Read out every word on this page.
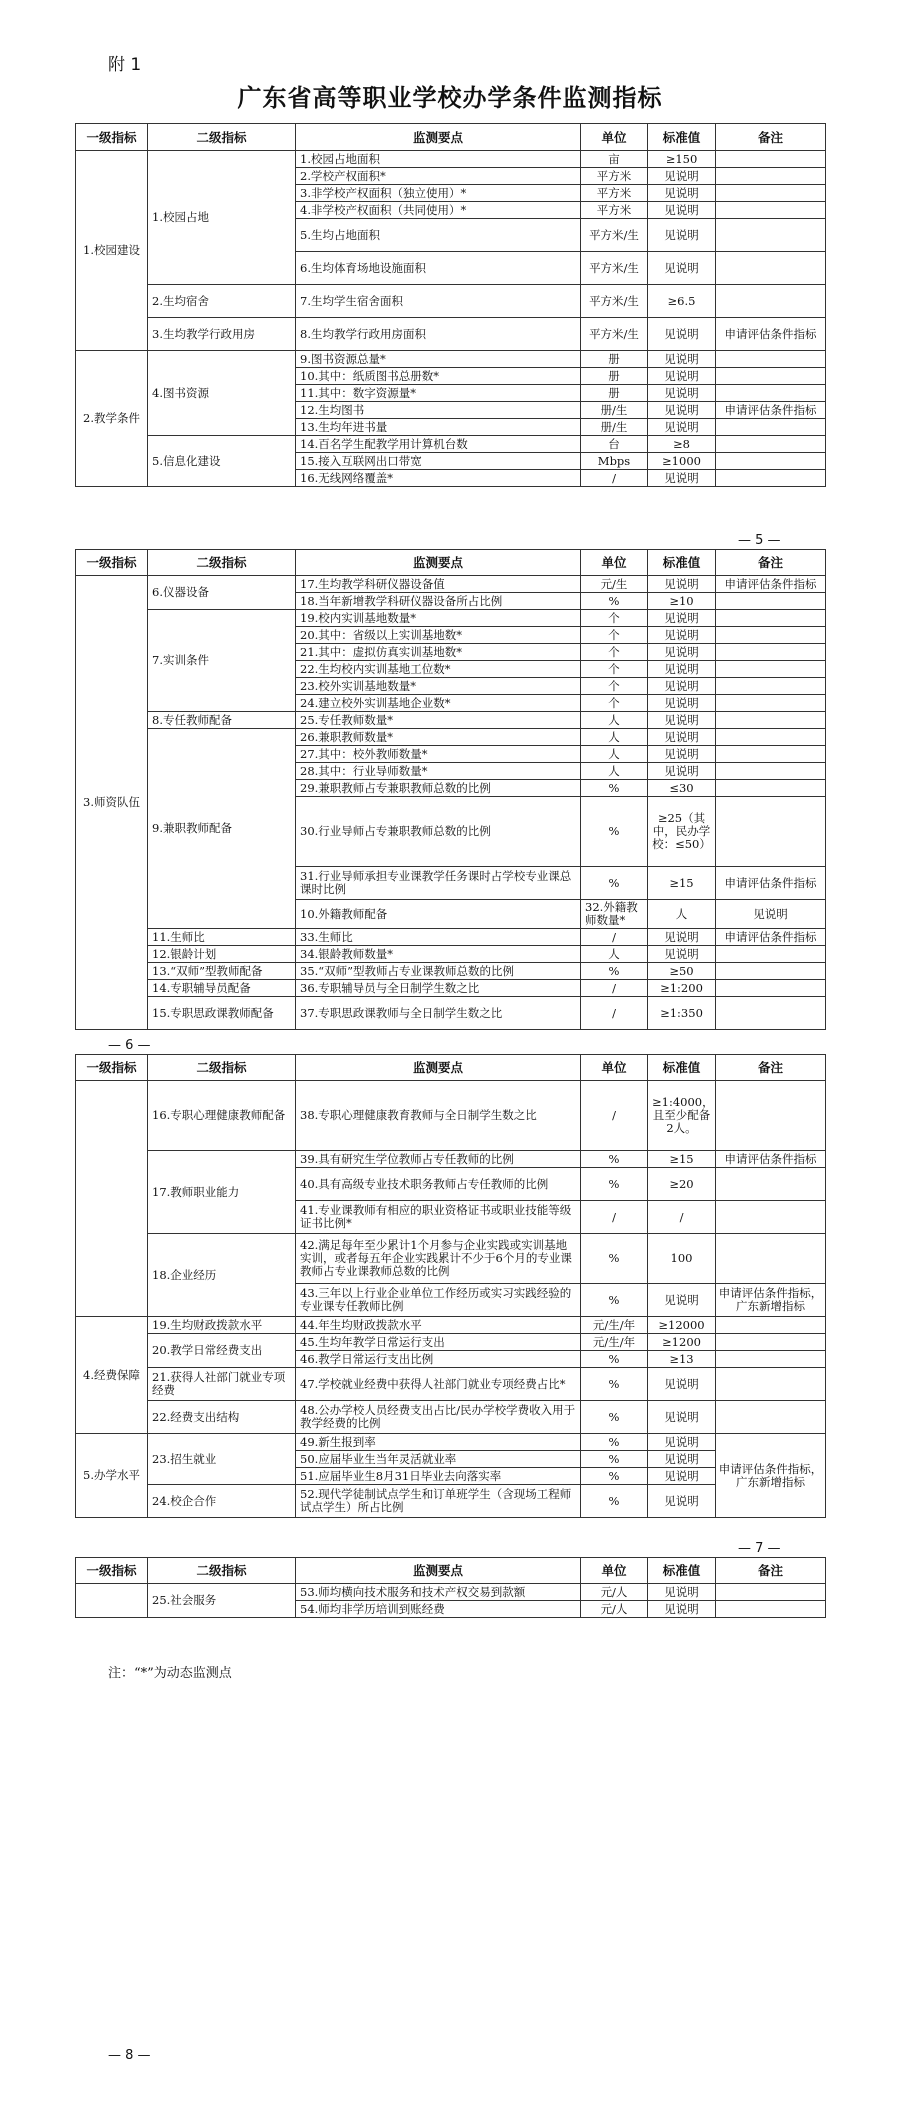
附 1
广东省高等职业学校办学条件监测指标
一级指标	二级指标	监测要点	单位	标准值	备注
1.校园建设	1.校园占地	1.校园占地面积	亩	≥150	
		2.学校产权面积*	平方米	见说明	
		3.非学校产权面积（独立使用）*	平方米	见说明	
		4.非学校产权面积（共同使用）*	平方米	见说明	
		5.生均占地面积	平方米/生	见说明	
		6.生均体育场地设施面积	平方米/生	见说明	
	2.生均宿舍	7.生均学生宿舍面积	平方米/生	≥6.5	
	3.生均教学行政用房	8.生均教学行政用房面积	平方米/生	见说明	申请评估条件指标
2.教学条件	4.图书资源	9.图书资源总量*	册	见说明	
		10.其中：纸质图书总册数*	册	见说明	
		11.其中：数字资源量*	册	见说明	
		12.生均图书	册/生	见说明	申请评估条件指标
		13.生均年进书量	册/生	见说明	
	5.信息化建设	14.百名学生配教学用计算机台数	台	≥8	
		15.接入互联网出口带宽	Mbps	≥1000	
		16.无线网络覆盖*	/	见说明	
— 5 —
一级指标	二级指标	监测要点	单位	标准值	备注	
3.师资队伍	6.仪器设备	17.生均教学科研仪器设备值	元/生	见说明	申请评估条件指标	
		18.当年新增教学科研仪器设备所占比例	%	≥10		
	7.实训条件	19.校内实训基地数量*	个	见说明		
		20.其中：省级以上实训基地数*	个	见说明		
		21.其中：虚拟仿真实训基地数*	个	见说明		
		22.生均校内实训基地工位数*	个	见说明		
		23.校外实训基地数量*	个	见说明		
		24.建立校外实训基地企业数*	个	见说明		
	8.专任教师配备	25.专任教师数量*	人	见说明		
	9.兼职教师配备	26.兼职教师数量*	人	见说明		
		27.其中：校外教师数量*	人	见说明		
		28.其中：行业导师数量*	人	见说明		
		29.兼职教师占专兼职教师总数的比例	%	≤30		
		30.行业导师占专兼职教师总数的比例	%	≥25（其中，民办学校：≤50）		
		31.行业导师承担专业课教学任务课时占学校专业课总课时比例	%	≥15	申请评估条件指标	
		10.外籍教师配备	32.外籍教师数量*	人	见说明	
	11.生师比	33.生师比	/	见说明	申请评估条件指标	
	12.银龄计划	34.银龄教师数量*	人	见说明		
	13.“双师”型教师配备	35.“双师”型教师占专业课教师总数的比例	%	≥50		
	14.专职辅导员配备	36.专职辅导员与全日制学生数之比	/	≥1:200		
	15.专职思政课教师配备	37.专职思政课教师与全日制学生数之比	/	≥1:350		
— 6 —
一级指标	二级指标	监测要点	单位	标准值	备注
	16.专职心理健康教师配备	38.专职心理健康教育教师与全日制学生数之比	/	≥1:4000，且至少配备2人。	
	17.教师职业能力	39.具有研究生学位教师占专任教师的比例	%	≥15	申请评估条件指标
		40.具有高级专业技术职务教师占专任教师的比例	%	≥20	
		41.专业课教师有相应的职业资格证书或职业技能等级证书比例*	/	/	
	18.企业经历	42.满足每年至少累计1个月参与企业实践或实训基地实训，或者每五年企业实践累计不少于6个月的专业课教师占专业课教师总数的比例	%	100	
		43.三年以上行业企业单位工作经历或实习实践经验的专业课专任教师比例	%	见说明	申请评估条件指标，广东新增指标
4.经费保障	19.生均财政拨款水平	44.年生均财政拨款水平	元/生/年	≥12000	
	20.教学日常经费支出	45.生均年教学日常运行支出	元/生/年	≥1200	
		46.教学日常运行支出比例	%	≥13	
	21.获得人社部门就业专项经费	47.学校就业经费中获得人社部门就业专项经费占比*	%	见说明	
	22.经费支出结构	48.公办学校人员经费支出占比/民办学校学费收入用于教学经费的比例	%	见说明	
5.办学水平	23.招生就业	49.新生报到率	%	见说明	申请评估条件指标，广东新增指标
		50.应届毕业生当年灵活就业率	%	见说明	
		51.应届毕业生8月31日毕业去向落实率	%	见说明	
	24.校企合作	52.现代学徒制试点学生和订单班学生（含现场工程师试点学生）所占比例	%	见说明	
— 7 —
一级指标	二级指标	监测要点	单位	标准值	备注
	25.社会服务	53.师均横向技术服务和技术产权交易到款额	元/人	见说明	
		54.师均非学历培训到账经费	元/人	见说明	
注：“*”为动态监测点
— 8 —
